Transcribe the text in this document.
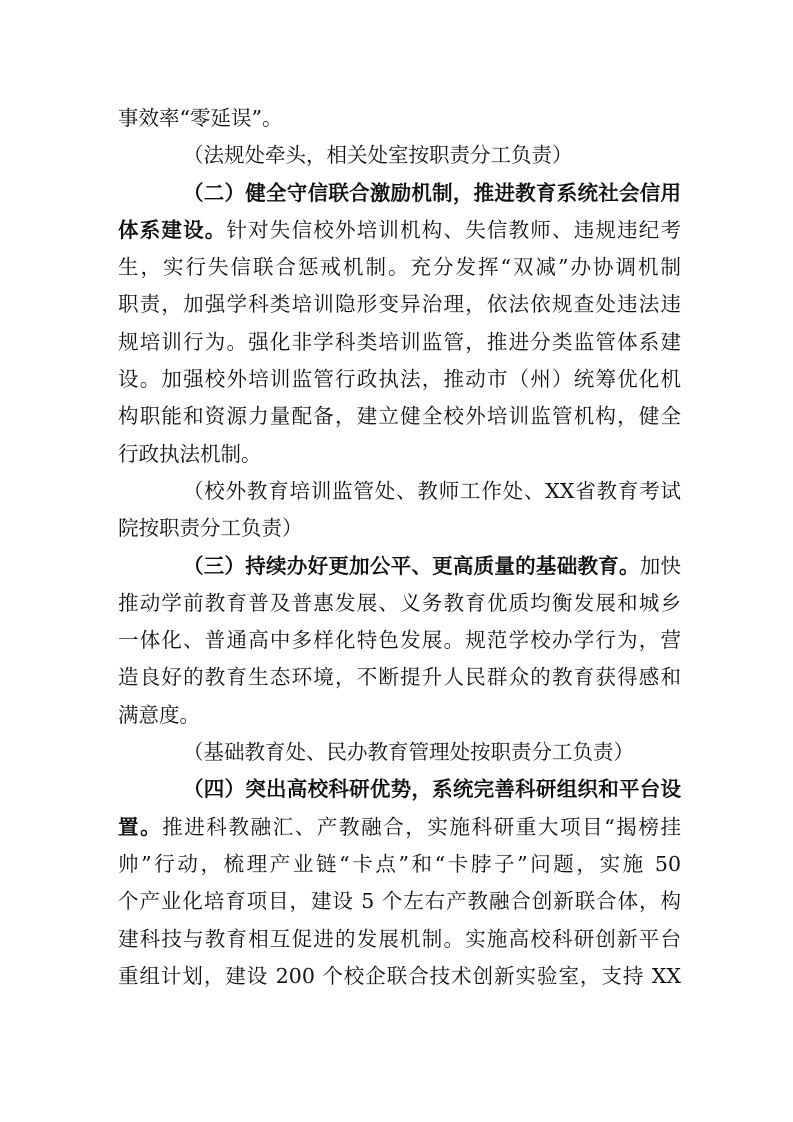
事效率“零延误”。
（法规处牵头，相关处室按职责分工负责）
（二）健全守信联合激励机制，推进教育系统社会信用
体系建设。针对失信校外培训机构、失信教师、违规违纪考
生，实行失信联合惩戒机制。充分发挥“双减”办协调机制
职责，加强学科类培训隐形变异治理，依法依规查处违法违
规培训行为。强化非学科类培训监管，推进分类监管体系建
设。加强校外培训监管行政执法，推动市（州）统筹优化机
构职能和资源力量配备，建立健全校外培训监管机构，健全
行政执法机制。
（校外教育培训监管处、教师工作处、XX省教育考试
院按职责分工负责）
（三）持续办好更加公平、更高质量的基础教育。加快
推动学前教育普及普惠发展、义务教育优质均衡发展和城乡
一体化、普通高中多样化特色发展。规范学校办学行为，营
造良好的教育生态环境，不断提升人民群众的教育获得感和
满意度。
（基础教育处、民办教育管理处按职责分工负责）
（四）突出高校科研优势，系统完善科研组织和平台设
置。推进科教融汇、产教融合，实施科研重大项目“揭榜挂
帅”行动，梳理产业链“卡点”和“卡脖子”问题，实施 50
个产业化培育项目，建设 5 个左右产教融合创新联合体，构
建科技与教育相互促进的发展机制。实施高校科研创新平台
重组计划，建设 200 个校企联合技术创新实验室，支持 XX
